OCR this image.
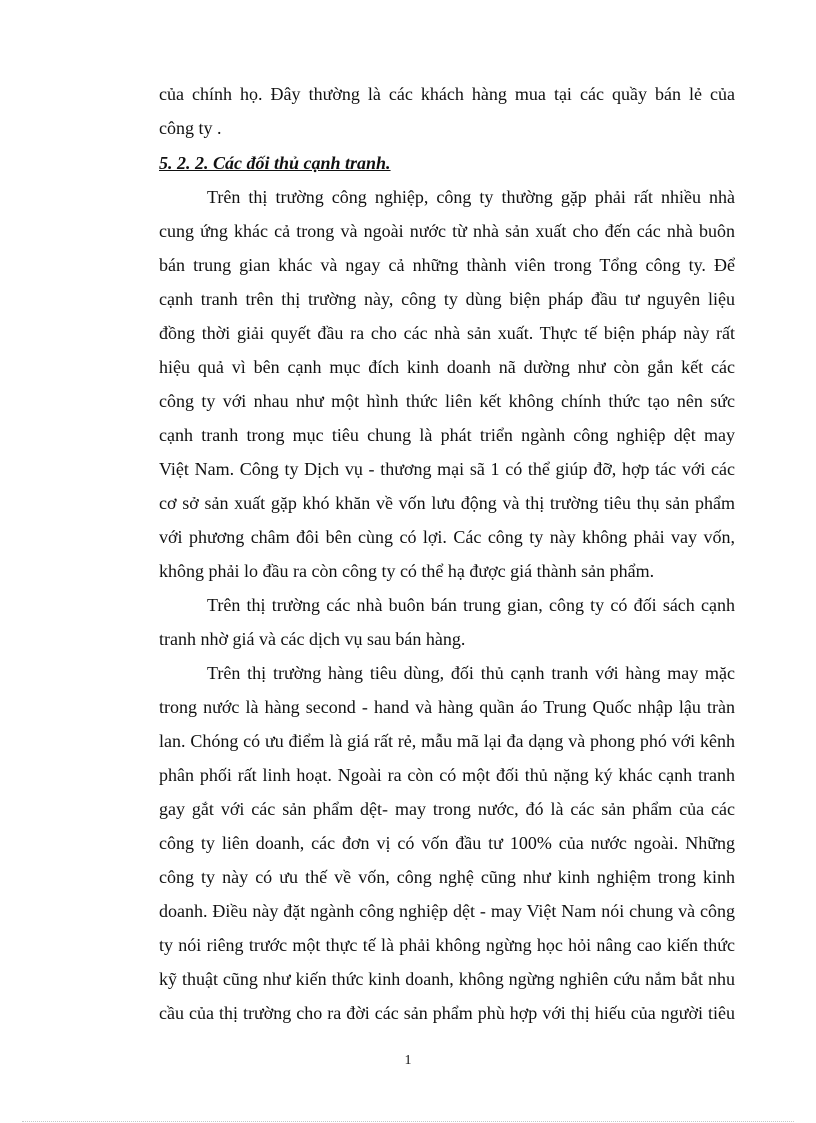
của chính họ. Đây thường là các khách hàng mua tại các quầy bán lẻ của
công ty .
5. 2. 2. Các đối thủ cạnh tranh.
Trên thị trường công nghiệp, công ty thường gặp phải rất nhiều nhà
cung ứng khác cả trong và ngoài nước từ nhà sản xuất cho đến các nhà buôn
bán trung gian khác và ngay cả những thành viên trong Tổng công ty. Để
cạnh tranh trên thị trường này, công ty dùng biện pháp đầu tư nguyên liệu
đồng thời giải quyết đầu ra cho các nhà sản xuất. Thực tế biện pháp này rất
hiệu quả vì bên cạnh mục đích kinh doanh nã dường như còn gắn kết các
công ty với nhau như một hình thức liên kết không chính thức tạo nên sức
cạnh tranh trong mục tiêu chung là phát triển ngành công nghiệp dệt may
Việt Nam. Công ty Dịch vụ - thương mại sã 1 có thể giúp đỡ, hợp tác với các
cơ sở sản xuất gặp khó khăn về vốn lưu động và thị trường tiêu thụ sản phẩm
với phương châm đôi bên cùng có lợi. Các công ty này không phải vay vốn,
không phải lo đầu ra còn công ty có thể hạ được giá thành sản phẩm.
Trên thị trường các nhà buôn bán trung gian, công ty có đối sách cạnh
tranh nhờ giá và các dịch vụ sau bán hàng.
Trên thị trường hàng tiêu dùng, đối thủ cạnh tranh với hàng may mặc
trong nước là hàng second - hand và hàng quần áo Trung Quốc nhập lậu tràn
lan. Chóng có ưu điểm là giá rất rẻ, mẫu mã lại đa dạng và phong phó với kênh
phân phối rất linh hoạt. Ngoài ra còn có một đối thủ nặng ký khác cạnh tranh
gay gắt với các sản phẩm dệt- may trong nước, đó là các sản phẩm của các
công ty liên doanh, các đơn vị có vốn đầu tư 100% của nước ngoài. Những
công ty này có ưu thế về vốn, công nghệ cũng như kinh nghiệm trong kinh
doanh. Điều này đặt ngành công nghiệp dệt - may Việt Nam nói chung và công
ty nói riêng trước một thực tế là phải không ngừng học hỏi nâng cao kiến thức
kỹ thuật cũng như kiến thức kinh doanh, không ngừng nghiên cứu nắm bắt nhu
cầu của thị trường cho ra đời các sản phẩm phù hợp với thị hiếu của người tiêu
1
